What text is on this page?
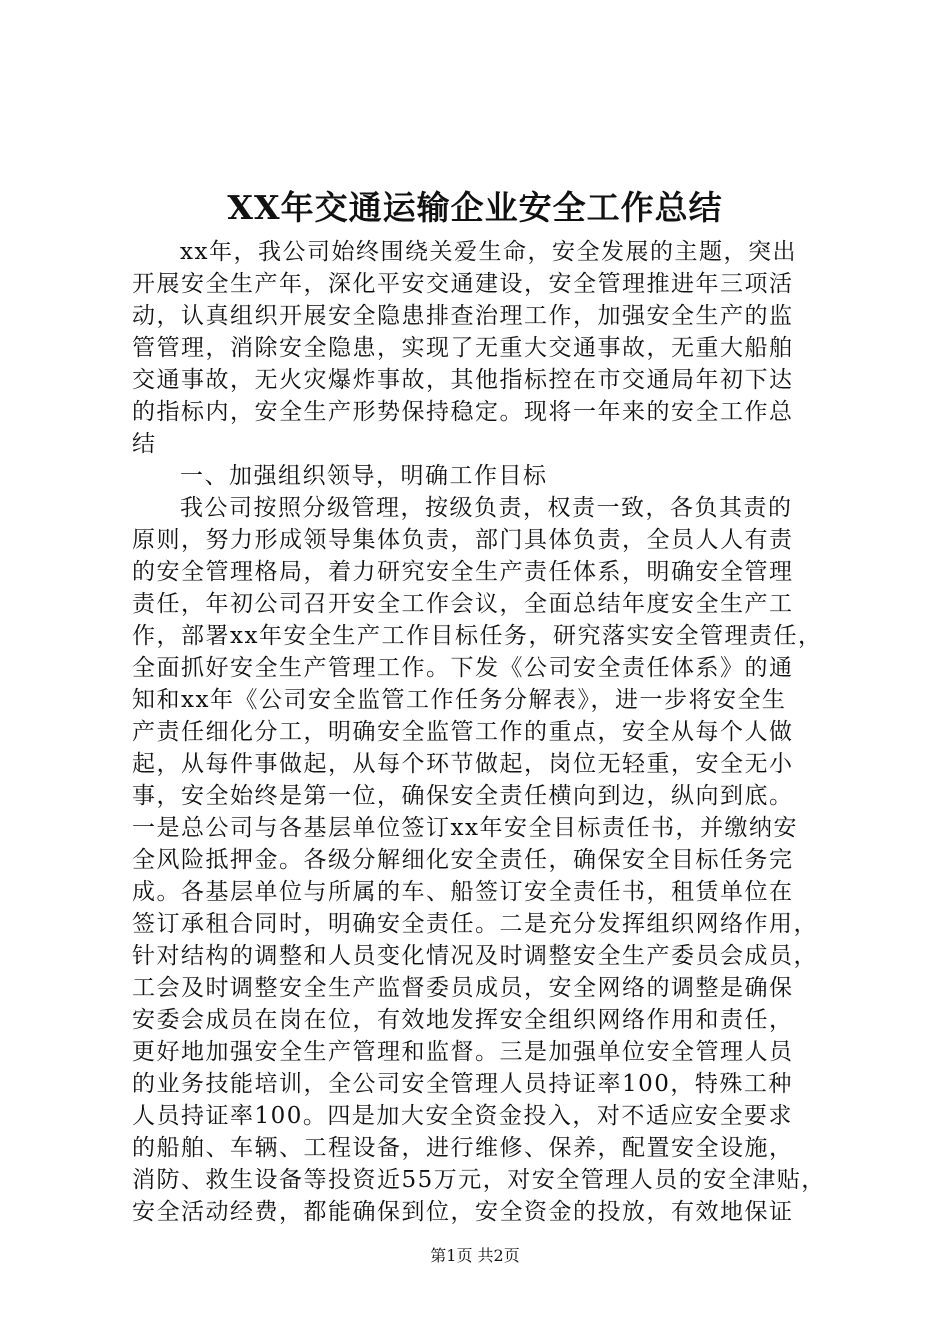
XX年交通运输企业安全工作总结
xx年，我公司始终围绕关爱生命，安全发展的主题，突出
开展安全生产年，深化平安交通建设，安全管理推进年三项活
动，认真组织开展安全隐患排查治理工作，加强安全生产的监
管管理，消除安全隐患，实现了无重大交通事故，无重大船舶
交通事故，无火灾爆炸事故，其他指标控在市交通局年初下达
的指标内，安全生产形势保持稳定。现将一年来的安全工作总
结
一、加强组织领导，明确工作目标
我公司按照分级管理，按级负责，权责一致，各负其责的
原则，努力形成领导集体负责，部门具体负责，全员人人有责
的安全管理格局，着力研究安全生产责任体系，明确安全管理
责任，年初公司召开安全工作会议，全面总结年度安全生产工
作，部署xx年安全生产工作目标任务，研究落实安全管理责任，
全面抓好安全生产管理工作。下发《公司安全责任体系》的通
知和xx年《公司安全监管工作任务分解表》，进一步将安全生
产责任细化分工，明确安全监管工作的重点，安全从每个人做
起，从每件事做起，从每个环节做起，岗位无轻重，安全无小
事，安全始终是第一位，确保安全责任横向到边，纵向到底。
一是总公司与各基层单位签订xx年安全目标责任书，并缴纳安
全风险抵押金。各级分解细化安全责任，确保安全目标任务完
成。各基层单位与所属的车、船签订安全责任书，租赁单位在
签订承租合同时，明确安全责任。二是充分发挥组织网络作用，
针对结构的调整和人员变化情况及时调整安全生产委员会成员，
工会及时调整安全生产监督委员成员，安全网络的调整是确保
安委会成员在岗在位，有效地发挥安全组织网络作用和责任，
更好地加强安全生产管理和监督。三是加强单位安全管理人员
的业务技能培训，全公司安全管理人员持证率100，特殊工种
人员持证率100。四是加大安全资金投入，对不适应安全要求
的船舶、车辆、工程设备，进行维修、保养，配置安全设施，
消防、救生设备等投资近55万元，对安全管理人员的安全津贴，
安全活动经费，都能确保到位，安全资金的投放，有效地保证
第1页 共2页
